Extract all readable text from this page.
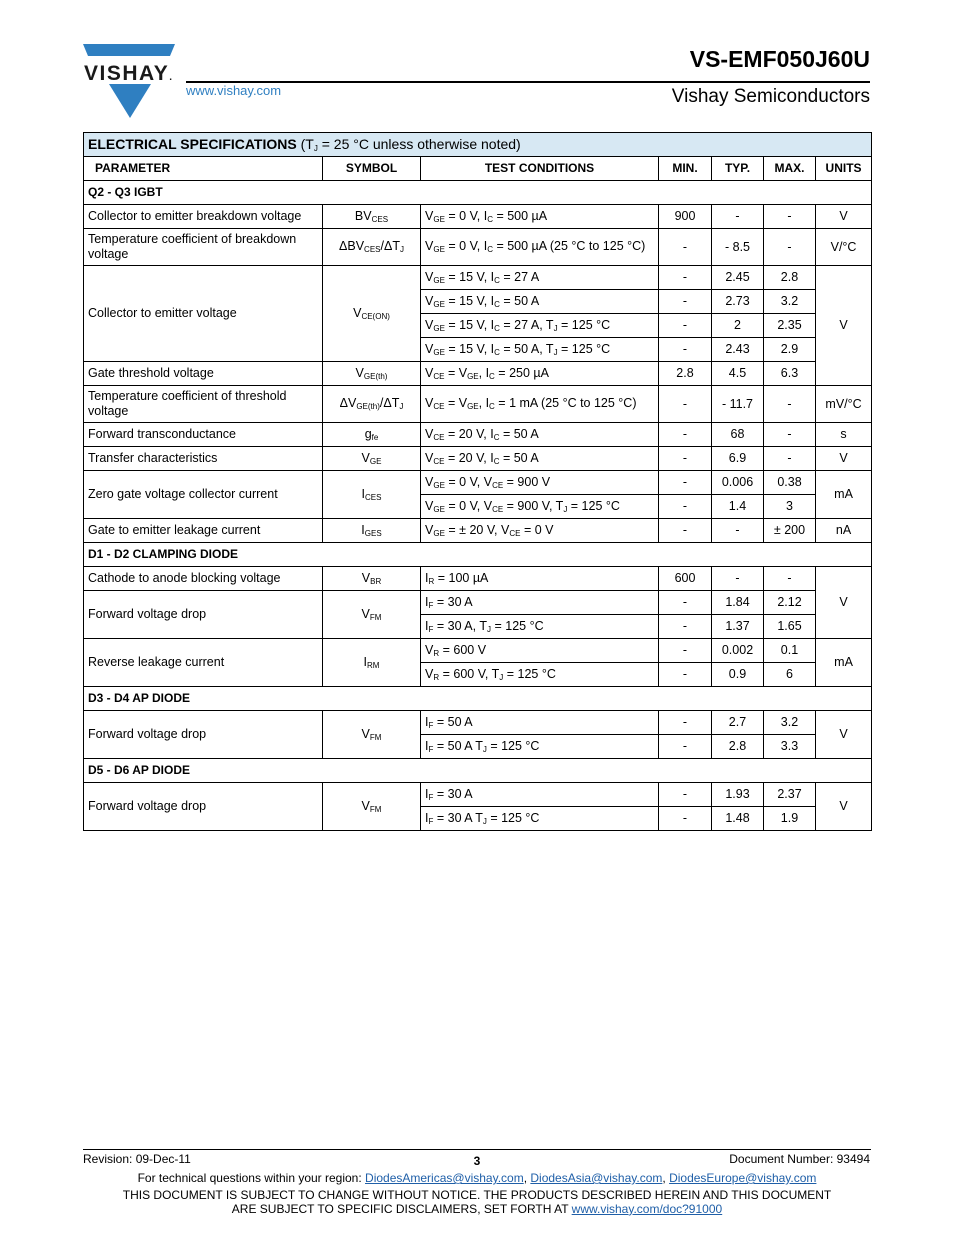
VISHAY.
www.vishay.com
VS-EMF050J60U
Vishay Semiconductors
ELECTRICAL SPECIFICATIONS ($T_J = 25$ °C unless otherwise noted)						
PARAMETER	SYMBOL	TEST CONDITIONS	MIN.	TYP.	MAX.	UNITS
Q2 - Q3 IGBT						
Collector to emitter breakdown voltage	$BV_{CES}$	$V_{GE} = 0$ V, $I_C = 500$ µA	900	-	-	V
Temperature coefficient of breakdown voltage	$\Delta BV_{CES}/\Delta T_J$	$V_{GE} = 0$ V, $I_C = 500$ µA (25 °C to 125 °C)	-	- 8.5	-	V/°C
Collector to emitter voltage	$V_{CE(ON)}$	$V_{GE} = 15$ V, $I_C = 27$ A	-	2.45	2.8	V
		$V_{GE} = 15$ V, $I_C = 50$ A	-	2.73	3.2	
		$V_{GE} = 15$ V, $I_C = 27$ A, $T_J = 125$ °C	-	2	2.35	
		$V_{GE} = 15$ V, $I_C = 50$ A, $T_J = 125$ °C	-	2.43	2.9	
Gate threshold voltage	$V_{GE(th)}$	$V_{CE} = V_{GE}$, $I_C = 250$ µA	2.8	4.5	6.3	
Temperature coefficient of threshold voltage	$\Delta V_{GE(th)}/\Delta T_J$	$V_{CE} = V_{GE}$, $I_C = 1$ mA (25 °C to 125 °C)	-	- 11.7	-	mV/°C
Forward transconductance	$g_{fe}$	$V_{CE} = 20$ V, $I_C = 50$ A	-	68	-	s
Transfer characteristics	$V_{GE}$	$V_{CE} = 20$ V, $I_C = 50$ A	-	6.9	-	V
Zero gate voltage collector current	$I_{CES}$	$V_{GE} = 0$ V, $V_{CE} = 900$ V	-	0.006	0.38	mA
		$V_{GE} = 0$ V, $V_{CE} = 900$ V, $T_J = 125$ °C	-	1.4	3	
Gate to emitter leakage current	$I_{GES}$	$V_{GE}$ = ± 20 V, $V_{CE} = 0$ V	-	-	± 200	nA
D1 - D2 CLAMPING DIODE						
Cathode to anode blocking voltage	$V_{BR}$	$I_R = 100$ µA	600	-	-	V
Forward voltage drop	$V_{FM}$	$I_F = 30$ A	-	1.84	2.12	
		$I_F = 30$ A, $T_J = 125$ °C	-	1.37	1.65	
Reverse leakage current	$I_{RM}$	$V_R = 600$ V	-	0.002	0.1	mA
		$V_R = 600$ V, $T_J = 125$ °C	-	0.9	6	
D3 - D4 AP DIODE						
Forward voltage drop	$V_{FM}$	$I_F = 50$ A	-	2.7	3.2	V
		$I_F = 50$ A $T_J = 125$ °C	-	2.8	3.3	
D5 - D6 AP DIODE						
Forward voltage drop	$V_{FM}$	$I_F = 30$ A	-	1.93	2.37	V
		$I_F = 30$ A $T_J = 125$ °C	-	1.48	1.9	
Revision: 09-Dec-11	3	Document Number: 93494
For technical questions within your region: DiodesAmericas@vishay.com, DiodesAsia@vishay.com, DiodesEurope@vishay.com
THIS DOCUMENT IS SUBJECT TO CHANGE WITHOUT NOTICE. THE PRODUCTS DESCRIBED HEREIN AND THIS DOCUMENT
ARE SUBJECT TO SPECIFIC DISCLAIMERS, SET FORTH AT www.vishay.com/doc?91000
